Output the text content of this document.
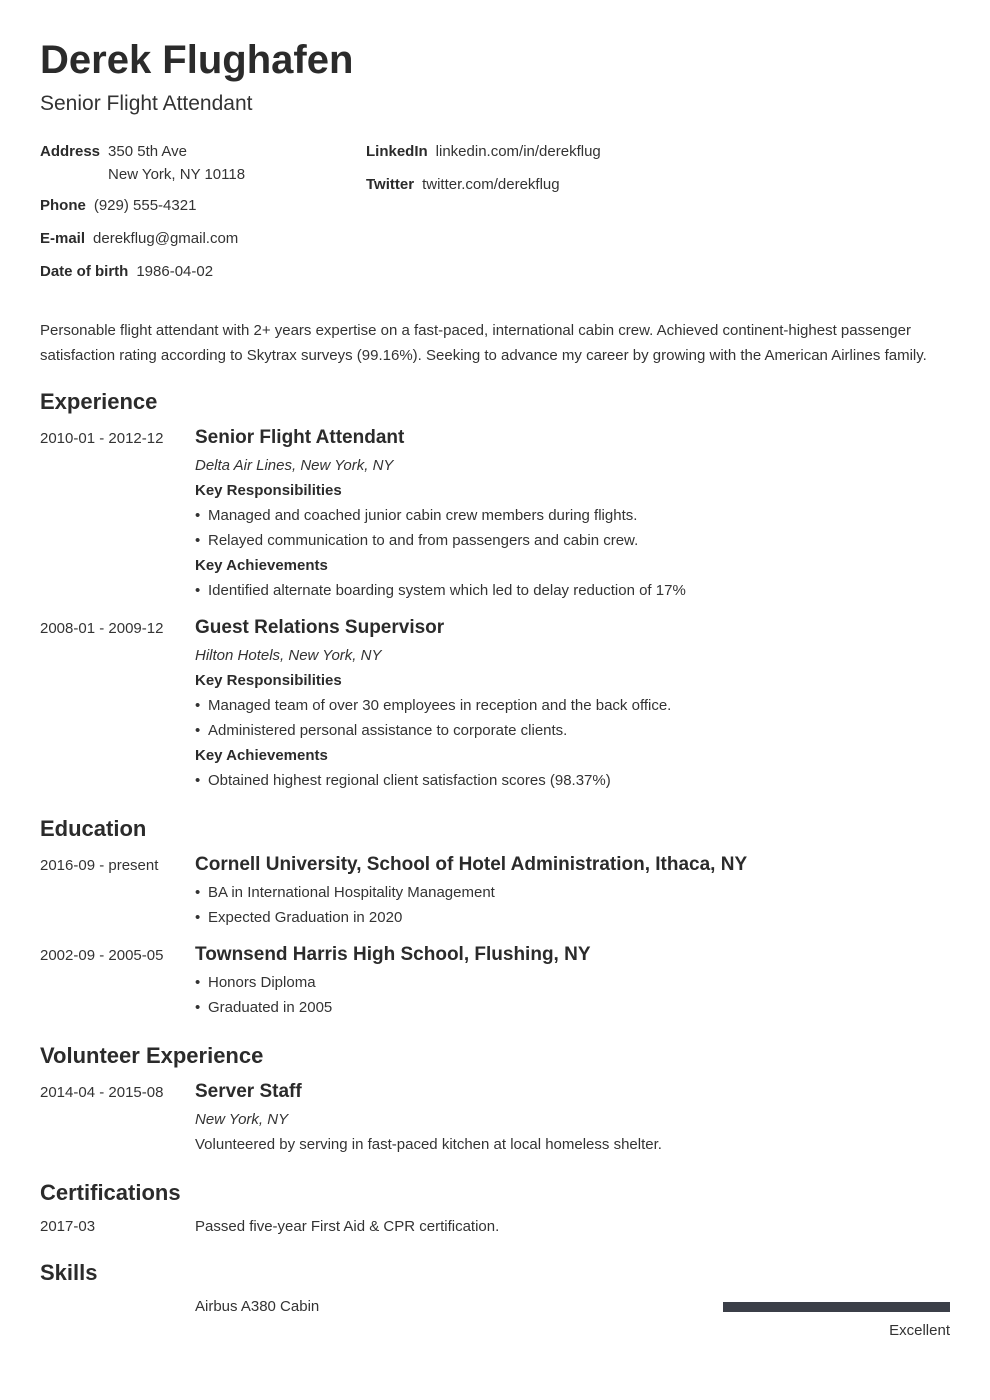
Derek Flughafen
Senior Flight Attendant
Address 350 5th Ave
New York, NY 10118
Phone (929) 555-4321
E-mail derekflug@gmail.com
Date of birth 1986-04-02
LinkedIn linkedin.com/in/derekflug
Twitter twitter.com/derekflug

Personable flight attendant with 2+ years expertise on a fast-paced, international cabin crew. Achieved continent-highest passenger satisfaction rating according to Skytrax surveys (99.16%). Seeking to advance my career by growing with the American Airlines family.

Experience
2010-01 - 2012-12 Senior Flight Attendant
Delta Air Lines, New York, NY
Key Responsibilities
• Managed and coached junior cabin crew members during flights.
• Relayed communication to and from passengers and cabin crew.
Key Achievements
• Identified alternate boarding system which led to delay reduction of 17%
2008-01 - 2009-12 Guest Relations Supervisor
Hilton Hotels, New York, NY
Key Responsibilities
• Managed team of over 30 employees in reception and the back office.
• Administered personal assistance to corporate clients.
Key Achievements
• Obtained highest regional client satisfaction scores (98.37%)
Education
2016-09 - present Cornell University, School of Hotel Administration, Ithaca, NY
• BA in International Hospitality Management
• Expected Graduation in 2020
2002-09 - 2005-05 Townsend Harris High School, Flushing, NY
• Honors Diploma
• Graduated in 2005
Volunteer Experience
2014-04 - 2015-08 Server Staff
New York, NY
Volunteered by serving in fast-paced kitchen at local homeless shelter.
Certifications
2017-03	Passed five-year First Aid & CPR certification.
Skills
Airbus A380 Cabin
Excellent
